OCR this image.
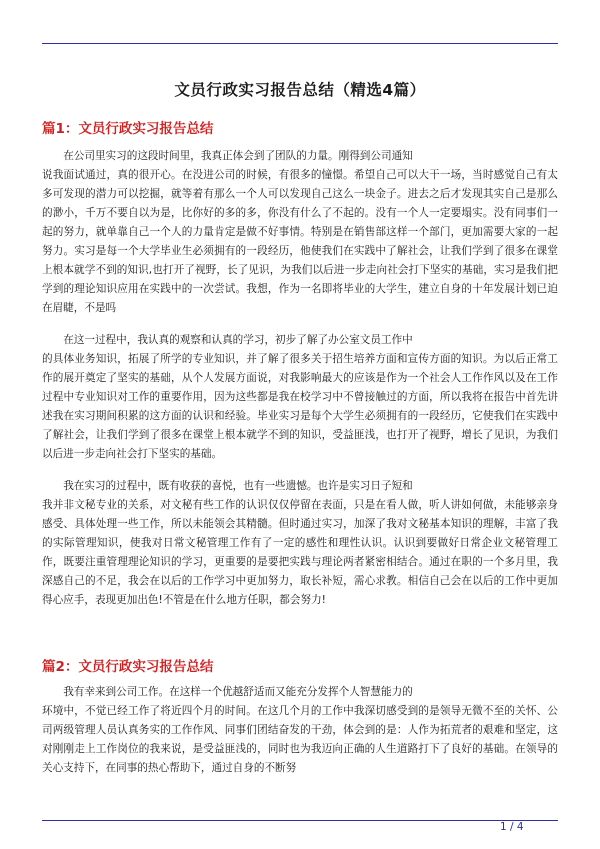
文员行政实习报告总结（精选4篇）
篇1：文员行政实习报告总结

在公司里实习的这段时间里，我真正体会到了团队的力量。刚得到公司通知
说我面试通过，真的很开心。在没进公司的时候，有很多的憧憬。希望自己可以大干一场，当时感觉自己有太多可发现的潜力可以挖掘，就等着有那么一个人可以发现自己这么一块金子。进去之后才发现其实自己是那么的渺小，千万不要自以为是，比你好的多的多，你没有什么了不起的。没有一个人一定要塌实。没有同事们一起的努力，就单靠自己一个人的力量肯定是做不好事情。特别是在销售部这样一个部门，更加需要大家的一起努力。实习是每一个大学毕业生必须拥有的一段经历，他使我们在实践中了解社会，让我们学到了很多在课堂上根本就学不到的知识,也打开了视野，长了见识，为我们以后进一步走向社会打下坚实的基础，实习是我们把学到的理论知识应用在实践中的一次尝试。我想，作为一名即将毕业的大学生，建立自身的十年发展计划已迫在眉睫，不是吗

在这一过程中，我认真的观察和认真的学习，初步了解了办公室文员工作中
的具体业务知识，拓展了所学的专业知识，并了解了很多关于招生培养方面和宣传方面的知识。为以后正常工作的展开奠定了坚实的基础，从个人发展方面说，对我影响最大的应该是作为一个社会人工作作风以及在工作过程中专业知识对工作的重要作用，因为这些都是我在校学习中不曾接触过的方面，所以我将在报告中首先讲述我在实习期间积累的这方面的认识和经验。毕业实习是每个大学生必须拥有的一段经历，它使我们在实践中了解社会，让我们学到了很多在课堂上根本就学不到的知识，受益匪浅，也打开了视野，增长了见识，为我们以后进一步走向社会打下坚实的基础。

我在实习的过程中，既有收获的喜悦，也有一些遗憾。也许是实习日子短和
我并非文秘专业的关系，对文秘有些工作的认识仅仅停留在表面，只是在看人做，听人讲如何做，未能够亲身感受、具体处理一些工作，所以未能领会其精髓。但时通过实习，加深了我对文秘基本知识的理解，丰富了我的实际管理知识，使我对日常文秘管理工作有了一定的感性和理性认识。认识到要做好日常企业文秘管理工作，既要注重管理理论知识的学习，更重要的是要把实践与理论两者紧密相结合。通过在职的一个多月里，我深感自己的不足，我会在以后的工作学习中更加努力，取长补短，需心求教。相信自己会在以后的工作中更加得心应手，表现更加出色!不管是在什么地方任职，都会努力!

篇2：文员行政实习报告总结

我有幸来到公司工作。在这样一个优越舒适而又能充分发挥个人智慧能力的
环境中，不觉已经工作了将近四个月的时间。在这几个月的工作中我深切感受到的是领导无微不至的关怀、公司两级管理人员认真务实的工作作风、同事们团结奋发的干劲，体会到的是：人作为拓荒者的艰难和坚定，这对刚刚走上工作岗位的我来说，是受益匪浅的，同时也为我迈向正确的人生道路打下了良好的基础。在领导的关心支持下，在同事的热心帮助下，通过自身的不断努

1 / 4
